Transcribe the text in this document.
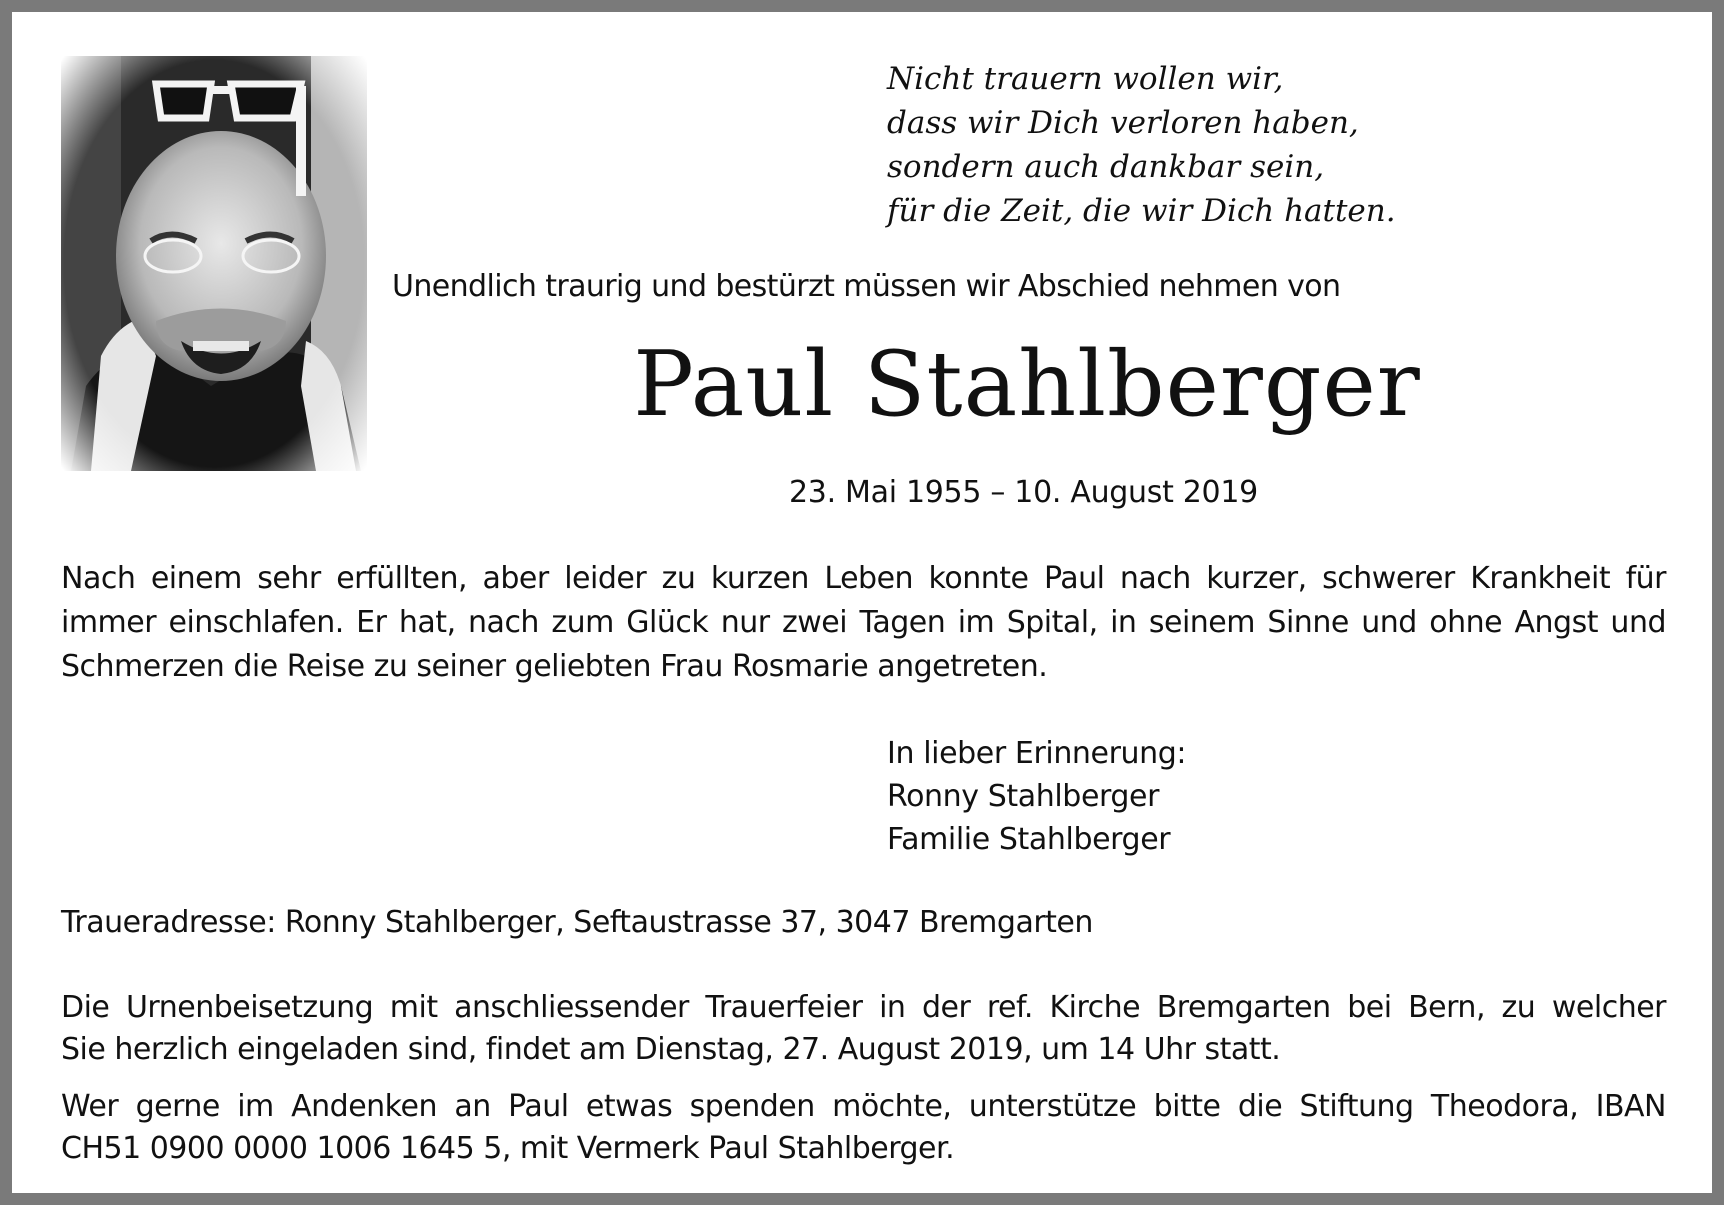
Nicht trauern wollen wir,
dass wir Dich verloren haben,
sondern auch dankbar sein,
für die Zeit, die wir Dich hatten.
Unendlich traurig und bestürzt müssen wir Abschied nehmen von
Paul Stahlberger
23. Mai 1955 – 10. August 2019
Nach einem sehr erfüllten, aber leider zu kurzen Leben konnte Paul nach kurzer, schwerer Krankheit für immer einschlafen. Er hat, nach zum Glück nur zwei Tagen im Spital, in seinem Sinne und ohne Angst und Schmerzen die Reise zu seiner geliebten Frau Rosmarie angetreten.
In lieber Erinnerung:
Ronny Stahlberger
Familie Stahlberger
Traueradresse: Ronny Stahlberger, Seftaustrasse 37, 3047 Bremgarten
Die Urnenbeisetzung mit anschliessender Trauerfeier in der ref. Kirche Bremgarten bei Bern, zu welcher
Sie herzlich eingeladen sind, findet am Dienstag, 27. August 2019, um 14 Uhr statt.
Wer gerne im Andenken an Paul etwas spenden möchte, unterstütze bitte die Stiftung Theodora, IBAN
CH51 0900 0000 1006 1645 5, mit Vermerk Paul Stahlberger.
